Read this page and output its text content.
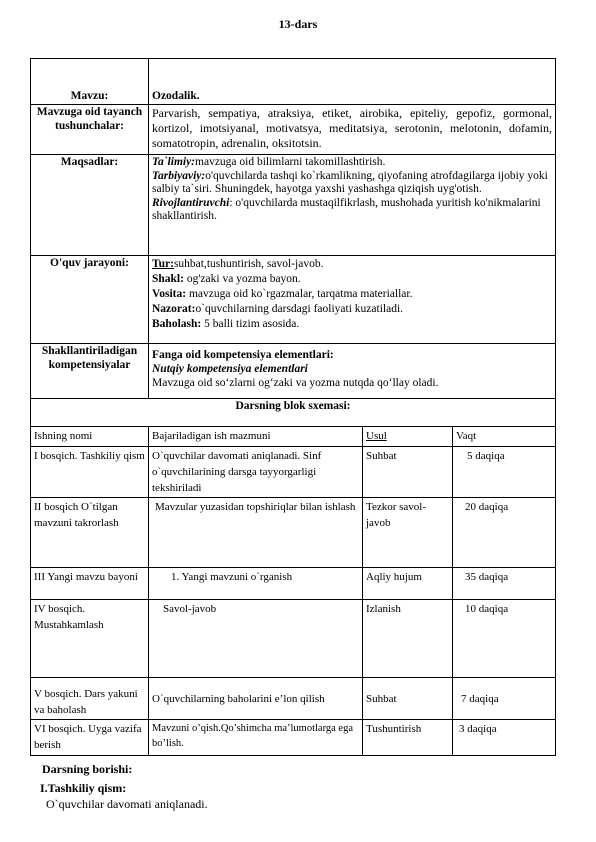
13-dars
Mavzu:	Ozodalik.
Mavzuga oid tayanch tushunchalar:	Parvarish, sempatiya, atraksiya, etiket, airobika, epiteliy, gepofiz, gormonal, kortizol, imotsiyanal, motivatsya, meditatsiya, serotonin, melotonin, dofamin, somatotropin, adrenalin, oksitotsin.
Maqsadlar:	Ta`limiy:mavzuga oid bilimlarni takomillashtirish.
Tarbiyaviy:o'quvchilarda tashqi ko`rkamlikning, qiyofaning atrofdagilarga ijobiy yoki salbiy ta`siri. Shuningdek, hayotga yaxshi yashashga qiziqish uyg'otish.
Rivojlantiruvchi: o'quvchilarda mustaqilfikrlash, mushohada yuritish ko'nikmalarini shakllantirish.

O'quv jarayoni:	Tur:suhbat,tushuntirish, savol-javob.
Shakl: og'zaki va yozma bayon.
Vosita: mavzuga oid ko`rgazmalar, tarqatma materiallar.
Nazorat:o`quvchilarning darsdagi faoliyati kuzatiladi.
Baholash: 5 balli tizim asosida.

Shakllantiriladigan kompetensiyalar	Fanga oid kompetensiya elementlari:
Nutqiy kompetensiya elementlari
Mavzuga oid so‘zlarni og‘zaki va yozma nutqda qo‘llay oladi.

Darsning blok sxemasi:	
Ishning nomi	Bajariladigan ish mazmuni	Usul	Vaqt
I bosqich. Tashkiliy qism	O`quvchilar davomati aniqlanadi. Sinf o`quvchilarining darsga tayyorgarligi tekshiriladi	Suhbat	5 daqiqa
II bosqich O`tilgan mavzuni takrorlash	Mavzular yuzasidan topshiriqlar bilan ishlash	Tezkor savol-javob	20 daqiqa
III Yangi mavzu bayoni	1. Yangi mavzuni o`rganish	Aqliy hujum	35 daqiqa
IV bosqich. Mustahkamlash	Savol-javob	Izlanish	10 daqiqa
V bosqich. Dars yakuni va baholash	O`quvchilarning baholarini e’lon qilish	Suhbat	7 daqiqa
VI bosqich. Uyga vazifa berish	Mavzuni o’qish.Qo’shimcha ma’lumotlarga ega bo’lish.	Tushuntirish	3 daqiqa
Darsning borishi:
I.Tashkiliy qism:
O`quvchilar davomati aniqlanadi.
